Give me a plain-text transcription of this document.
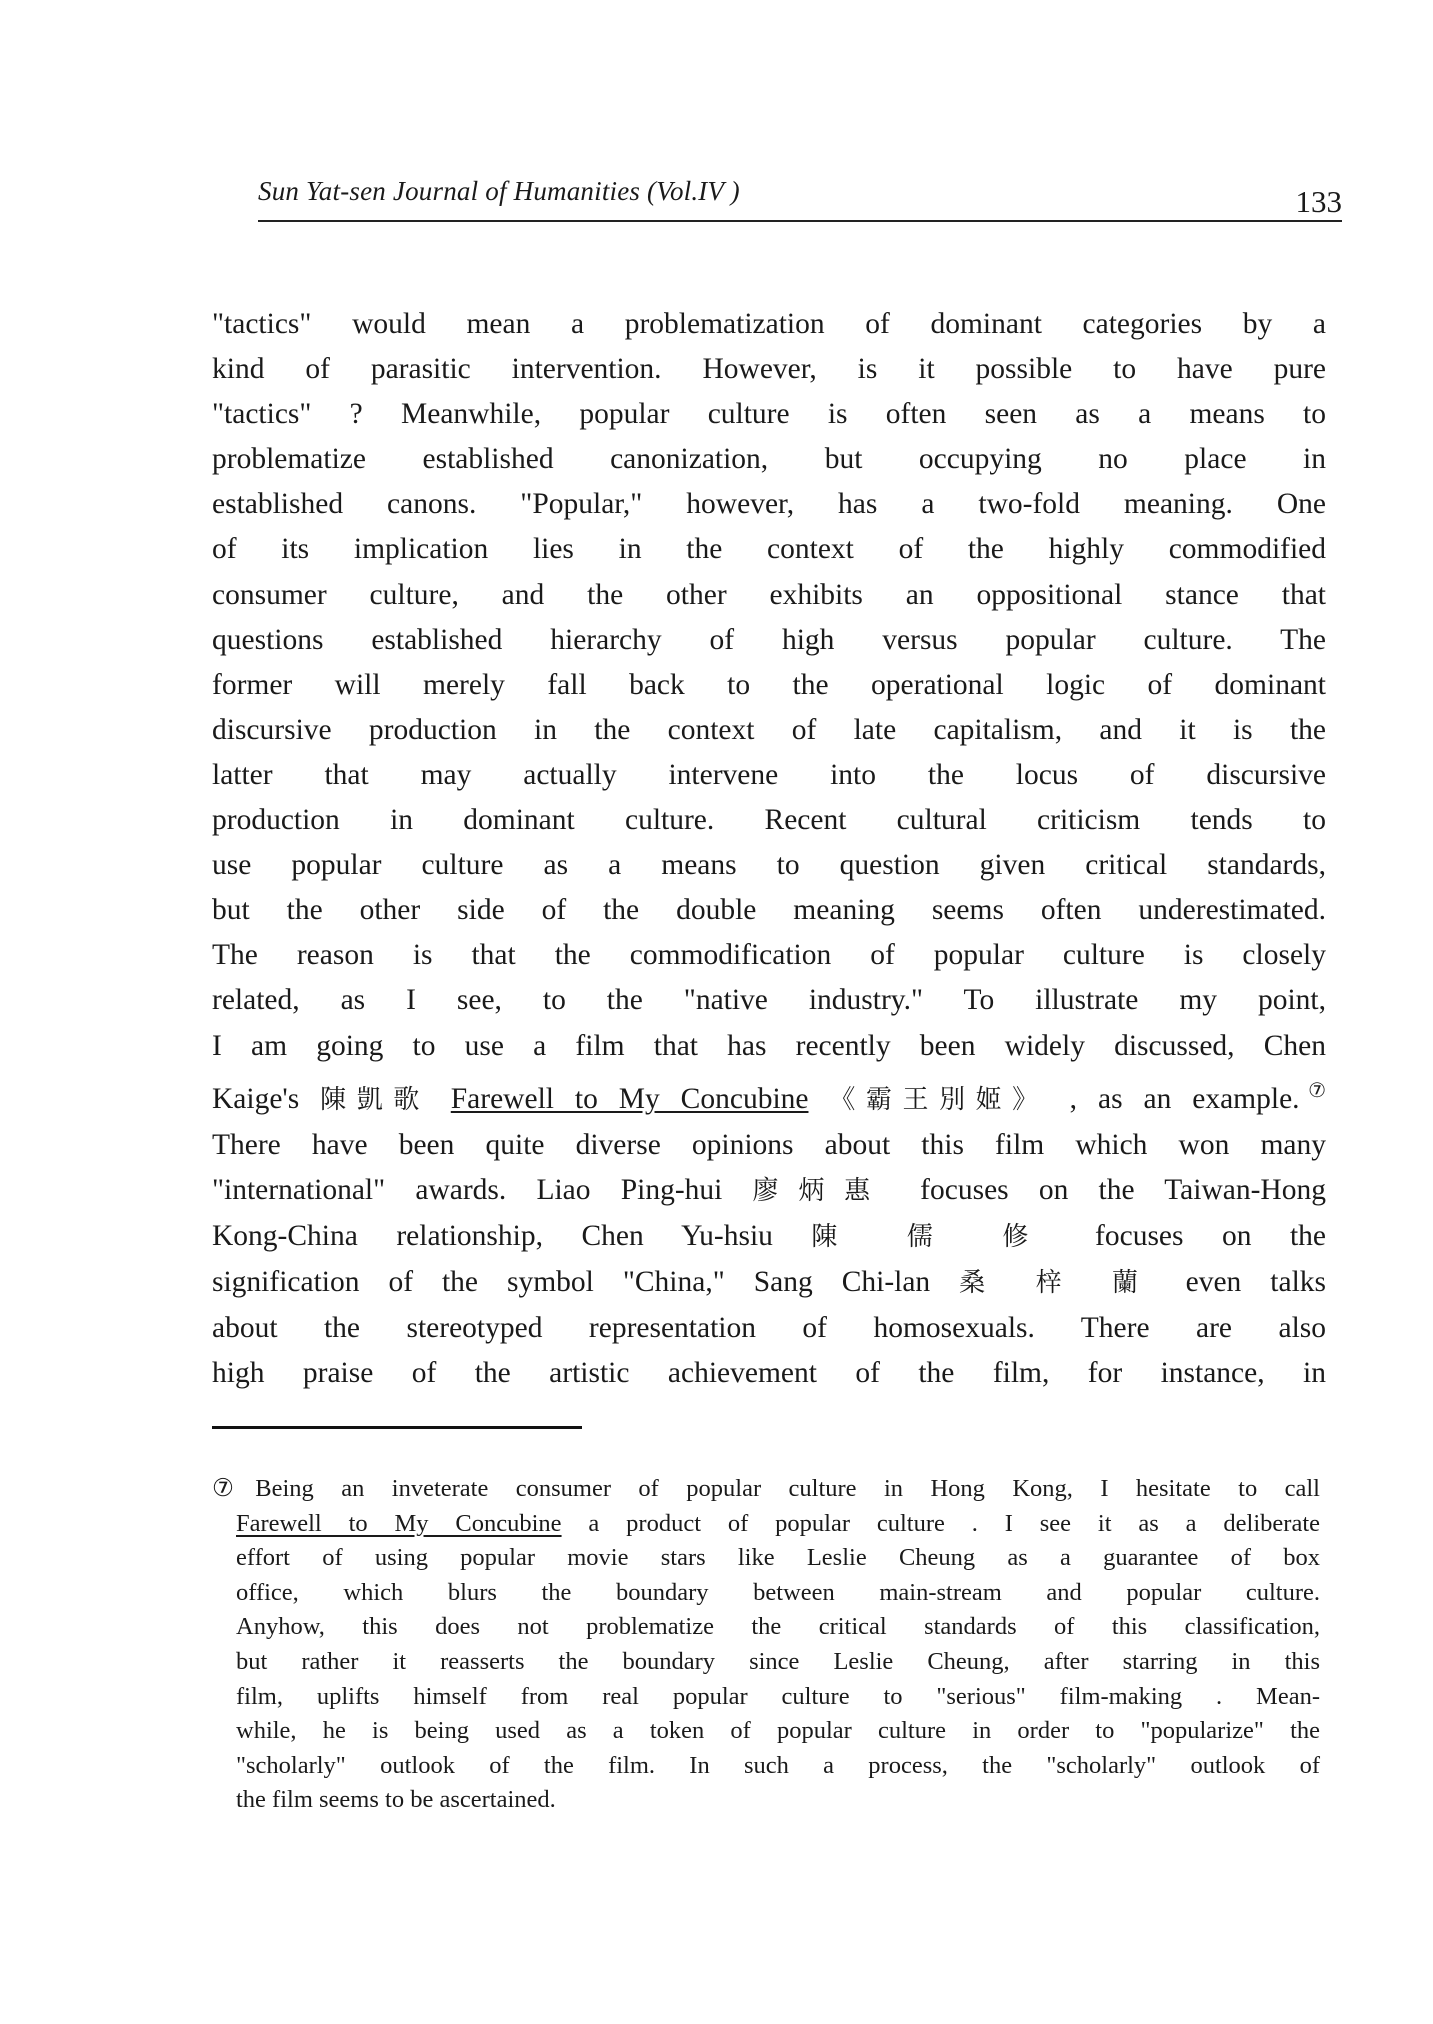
Sun Yat-sen Journal of Humanities (Vol.IV )	133
"tactics" would mean a problematization of dominant categories by a
kind of parasitic intervention. However, is it possible to have pure
"tactics" ? Meanwhile, popular culture is often seen as a means to
problematize established canonization, but occupying no place in
established canons. "Popular," however, has a two-fold meaning. One
of its implication lies in the context of the highly commodified
consumer culture, and the other exhibits an oppositional stance that
questions established hierarchy of high versus popular culture. The
former will merely fall back to the operational logic of dominant
discursive production in the context of late capitalism, and it is the
latter that may actually intervene into the locus of discursive
production in dominant culture. Recent cultural criticism tends to
use popular culture as a means to question given critical standards,
but the other side of the double meaning seems often underestimated.
The reason is that the commodification of popular culture is closely
related, as I see, to the "native industry." To illustrate my point,
I am going to use a film that has recently been widely discussed, Chen
Kaige's 陳凱歌 Farewell to My Concubine 《霸王別姬》 , as an example.⑦
There have been quite diverse opinions about this film which won many
"international" awards. Liao Ping-hui 廖炳惠 focuses on the Taiwan-Hong
Kong-China relationship, Chen Yu-hsiu 陳 儒 修 focuses on the
signification of the symbol "China," Sang Chi-lan 桑 梓 蘭 even talks
about the stereotyped representation of homosexuals. There are also
high praise of the artistic achievement of the film, for instance, in
⑦Being an inveterate consumer of popular culture in Hong Kong, I hesitate to call
Farewell to My Concubine a product of popular culture . I see it as a deliberate
effort of using popular movie stars like Leslie Cheung as a guarantee of box
office, which blurs the boundary between main-stream and popular culture.
Anyhow, this does not problematize the critical standards of this classification,
but rather it reasserts the boundary since Leslie Cheung, after starring in this
film, uplifts himself from real popular culture to "serious" film-making . Mean-
while, he is being used as a token of popular culture in order to "popularize" the
"scholarly" outlook of the film. In such a process, the "scholarly" outlook of
the film seems to be ascertained.
